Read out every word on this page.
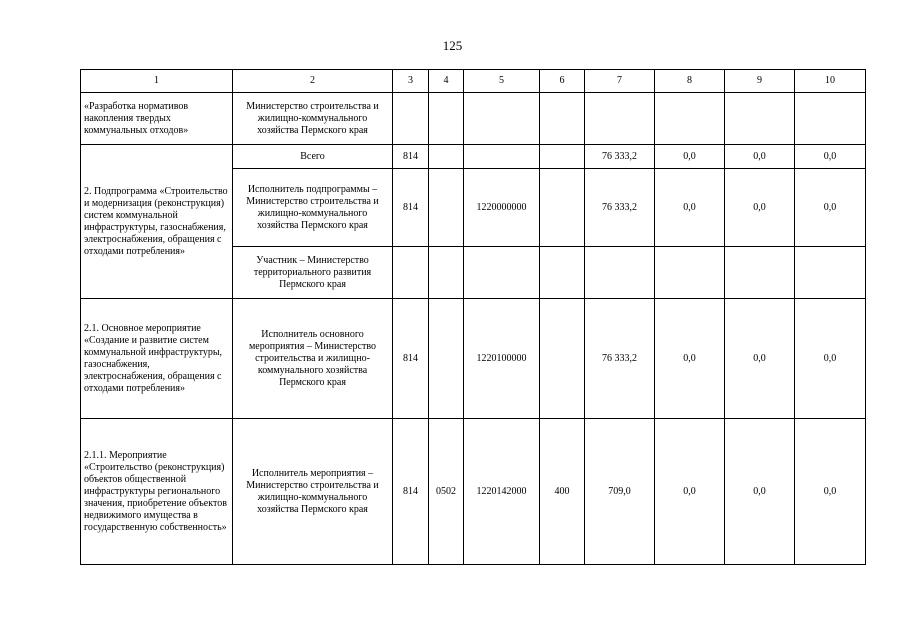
125
1	2	3	4	5	6	7	8	9	10
«Разработка нормативов накопления твердых коммунальных отходов»	Министерство строительства и жилищно-коммунального хозяйства Пермского края								
2. Подпрограмма «Строительство и модернизация (реконструкция) систем коммунальной инфраструктуры, газоснабжения, электроснабжения, обращения с отходами потребления»	Всего	814				76 333,2	0,0	0,0	0,0
	Исполнитель подпрограммы – Министерство строительства и жилищно-коммунального хозяйства Пермского края	814		1220000000		76 333,2	0,0	0,0	0,0
	Участник – Министерство территориального развития Пермского края								
2.1. Основное мероприятие «Создание и развитие систем коммунальной инфраструктуры, газоснабжения, электроснабжения, обращения с отходами потребления»	Исполнитель основного мероприятия – Министерство строительства и жилищно-коммунального хозяйства Пермского края	814		1220100000		76 333,2	0,0	0,0	0,0
2.1.1. Мероприятие «Строительство (реконструкция) объектов общественной инфраструктуры регионального значения, приобретение объектов недвижимого имущества в государственную собственность»	Исполнитель мероприятия – Министерство строительства и жилищно-коммунального хозяйства Пермского края	814	0502	1220142000	400	709,0	0,0	0,0	0,0
